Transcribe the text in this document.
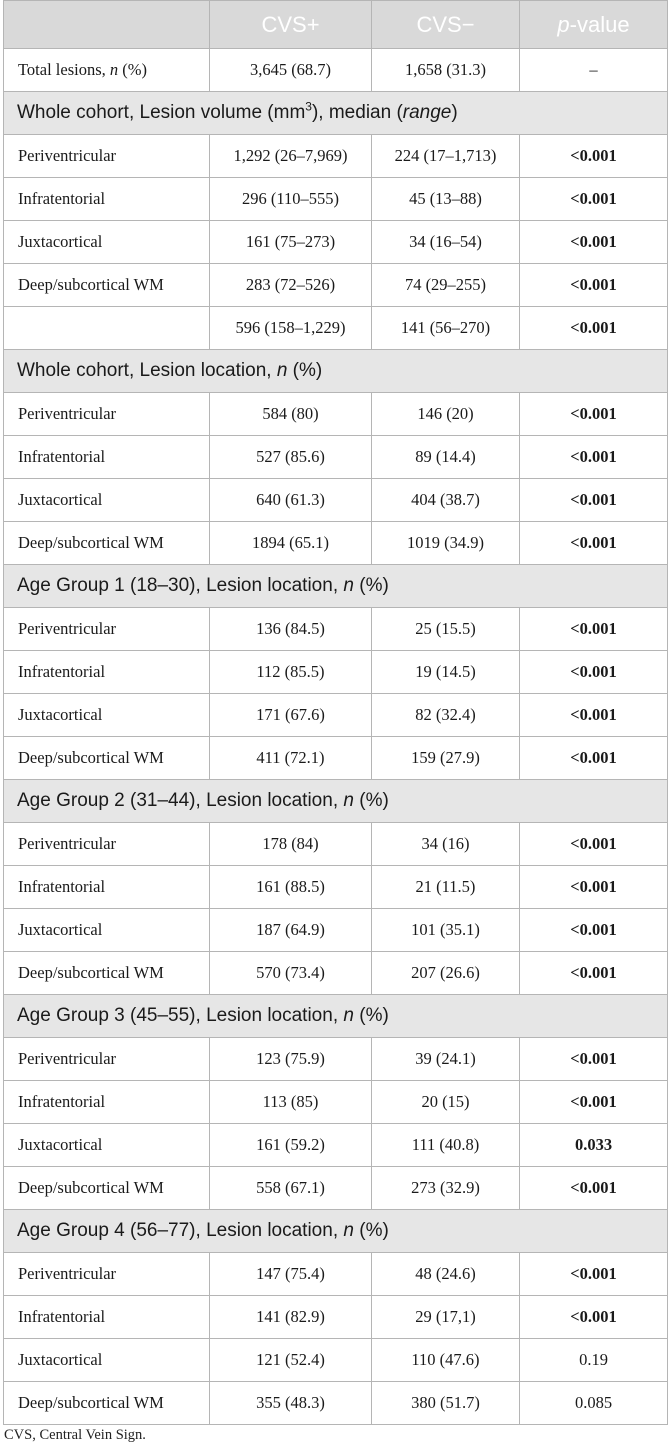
	CVS+	CVS−	p-value
Total lesions, n (%)	3,645 (68.7)	1,658 (31.3)	–
Whole cohort, Lesion volume $(mm^3)$, median (range)			
Periventricular	1,292 (26–7,969)	224 (17–1,713)	<0.001
Infratentorial	296 (110–555)	45 (13–88)	<0.001
Juxtacortical	161 (75–273)	34 (16–54)	<0.001
Deep/subcortical WM	283 (72–526)	74 (29–255)	<0.001
	596 (158–1,229)	141 (56–270)	<0.001
Whole cohort, Lesion location, n (%)			
Periventricular	584 (80)	146 (20)	<0.001
Infratentorial	527 (85.6)	89 (14.4)	<0.001
Juxtacortical	640 (61.3)	404 (38.7)	<0.001
Deep/subcortical WM	1894 (65.1)	1019 (34.9)	<0.001
Age Group 1 (18–30), Lesion location, n (%)			
Periventricular	136 (84.5)	25 (15.5)	<0.001
Infratentorial	112 (85.5)	19 (14.5)	<0.001
Juxtacortical	171 (67.6)	82 (32.4)	<0.001
Deep/subcortical WM	411 (72.1)	159 (27.9)	<0.001
Age Group 2 (31–44), Lesion location, n (%)			
Periventricular	178 (84)	34 (16)	<0.001
Infratentorial	161 (88.5)	21 (11.5)	<0.001
Juxtacortical	187 (64.9)	101 (35.1)	<0.001
Deep/subcortical WM	570 (73.4)	207 (26.6)	<0.001
Age Group 3 (45–55), Lesion location, n (%)			
Periventricular	123 (75.9)	39 (24.1)	<0.001
Infratentorial	113 (85)	20 (15)	<0.001
Juxtacortical	161 (59.2)	111 (40.8)	0.033
Deep/subcortical WM	558 (67.1)	273 (32.9)	<0.001
Age Group 4 (56–77), Lesion location, n (%)			
Periventricular	147 (75.4)	48 (24.6)	<0.001
Infratentorial	141 (82.9)	29 (17,1)	<0.001
Juxtacortical	121 (52.4)	110 (47.6)	0.19
Deep/subcortical WM	355 (48.3)	380 (51.7)	0.085
CVS, Central Vein Sign.
